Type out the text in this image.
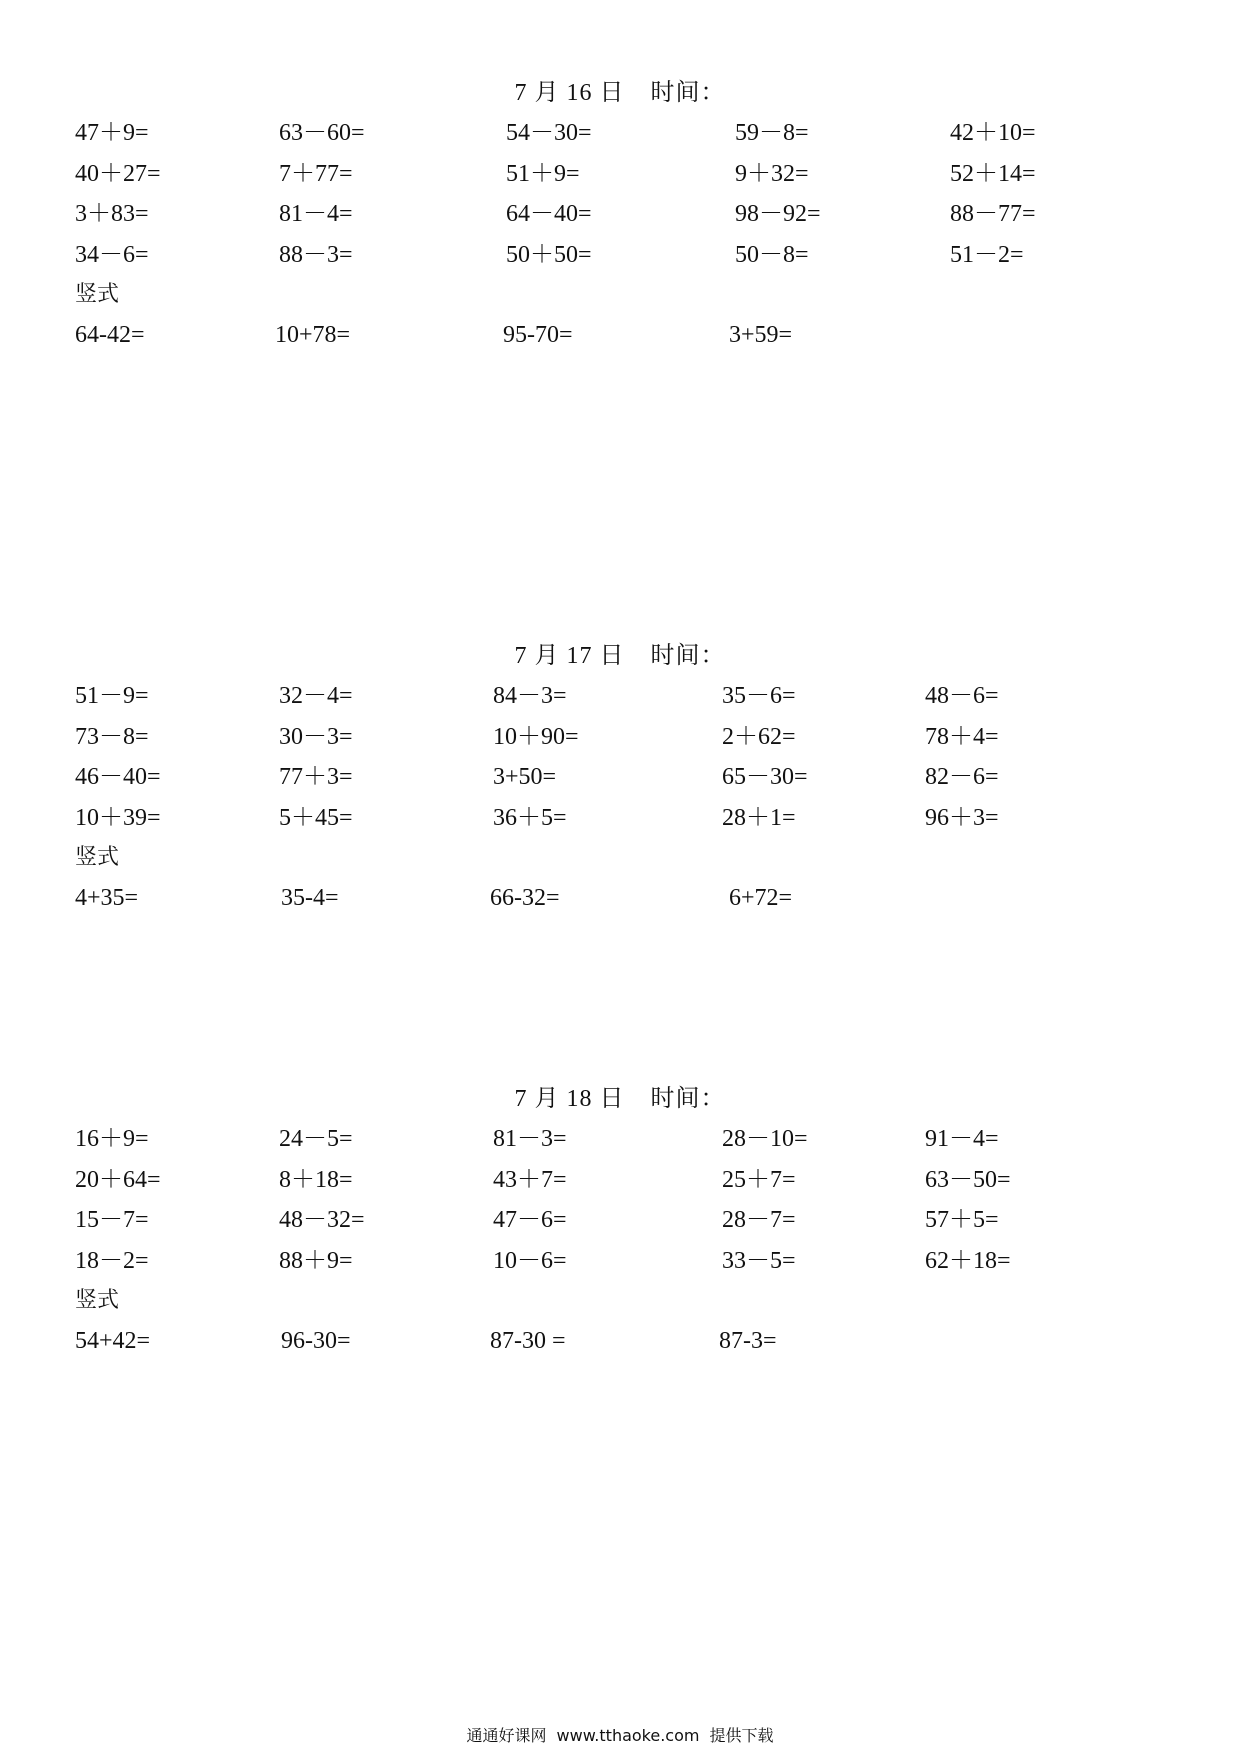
7 月 16 日 时间：
47＋9=	63－60=	54－30=	59－8=	42＋10=
40＋27=	7＋77=	51＋9=	9＋32=	52＋14=
3＋83=	81－4=	64－40=	98－92=	88－77=
34－6=	88－3=	50＋50=	50－8=	51－2=
竖式
64-42=	10+78=	95-70=	3+59=
7 月 17 日 时间：
51－9=	32－4=	84－3=	35－6=	48－6=
73－8=	30－3=	10＋90=	2＋62=	78＋4=
46－40=	77＋3=	3+50=	65－30=	82－6=
10＋39=	5＋45=	36＋5=	28＋1=	96＋3=
竖式
4+35=	35-4=	66-32=	6+72=
7 月 18 日 时间：
16＋9=	24－5=	81－3=	28－10=	91－4=
20＋64=	8＋18=	43＋7=	25＋7=	63－50=
15－7=	48－32=	47－6=	28－7=	57＋5=
18－2=	88＋9=	10－6=	33－5=	62＋18=
竖式
54+42=	96-30=	87-30 =	87-3=
通通好课网 www.tthaoke.com 提供下载
